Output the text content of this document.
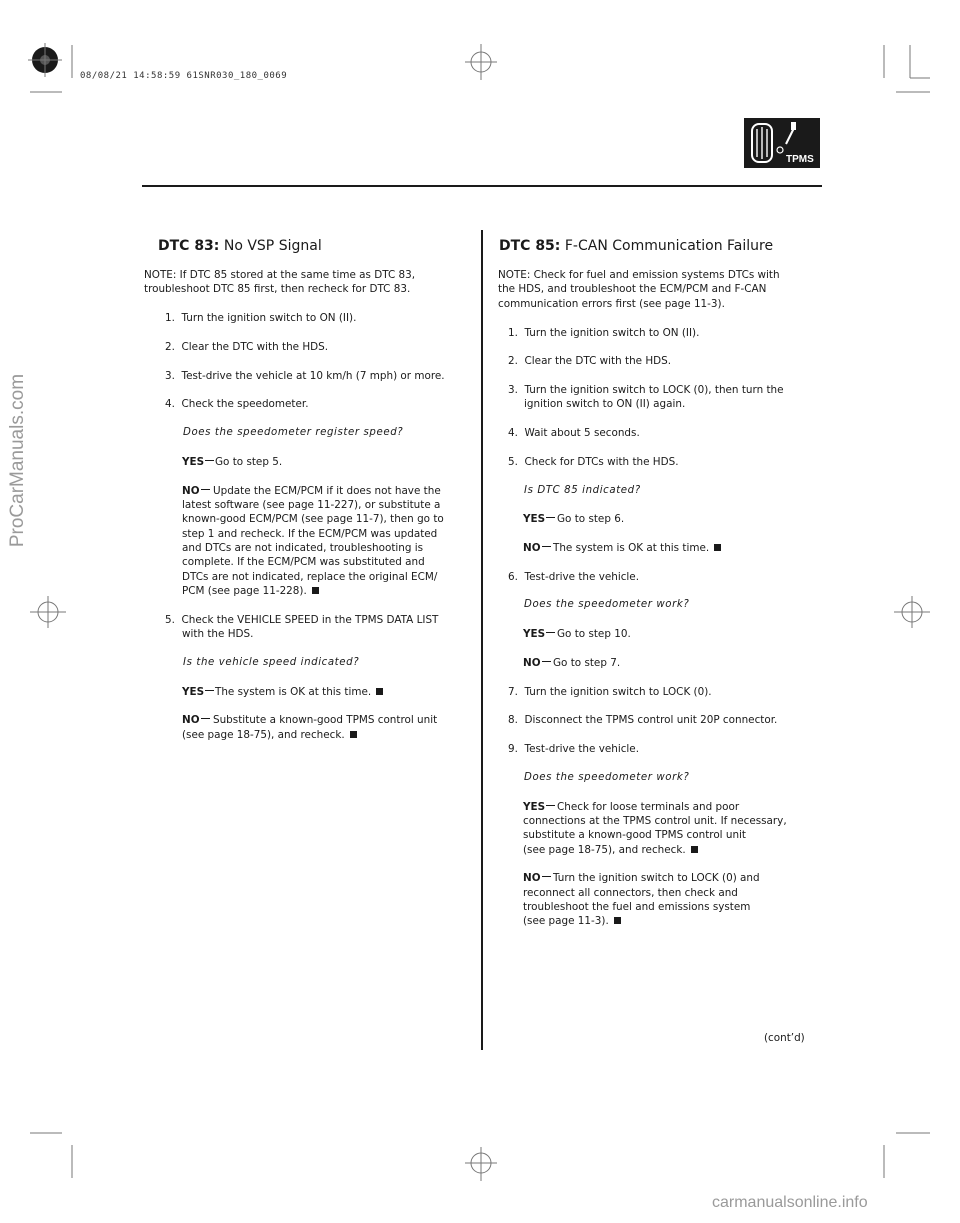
08/08/21 14:58:59 61SNR030_180_0069
TPMS
ProCarManuals.com
carmanualsonline.info
DTC 83: No VSP Signal
NOTE: If DTC 85 stored at the same time as DTC 83,
troubleshoot DTC 85 first, then recheck for DTC 83.
1. Turn the ignition switch to ON (II).
2. Clear the DTC with the HDS.
3. Test-drive the vehicle at 10 km/h (7 mph) or more.
4. Check the speedometer.
Does the speedometer register speed?
YES	Go to step 5.
NO	Update the ECM/PCM if it does not have the
latest software (see page 11-227), or substitute a
known-good ECM/PCM (see page 11-7), then go to
step 1 and recheck. If the ECM/PCM was updated
and DTCs are not indicated, troubleshooting is
complete. If the ECM/PCM was substituted and
DTCs are not indicated, replace the original ECM/
PCM (see page 11-228).
5. Check the VEHICLE SPEED in the TPMS DATA LIST
with the HDS.
Is the vehicle speed indicated?
YES	The system is OK at this time.
NO	Substitute a known-good TPMS control unit
(see page 18-75), and recheck.
DTC 85: F-CAN Communication Failure
NOTE: Check for fuel and emission systems DTCs with
the HDS, and troubleshoot the ECM/PCM and F-CAN
communication errors first (see page 11-3).
1. Turn the ignition switch to ON (II).
2. Clear the DTC with the HDS.
3. Turn the ignition switch to LOCK (0), then turn the
ignition switch to ON (II) again.
4. Wait about 5 seconds.
5. Check for DTCs with the HDS.
Is DTC 85 indicated?
YES	Go to step 6.
NO	The system is OK at this time.
6. Test-drive the vehicle.
Does the speedometer work?
YES	Go to step 10.
NO	Go to step 7.
7. Turn the ignition switch to LOCK (0).
8. Disconnect the TPMS control unit 20P connector.
9. Test-drive the vehicle.
Does the speedometer work?
YES	Check for loose terminals and poor
connections at the TPMS control unit. If necessary,
substitute a known-good TPMS control unit
(see page 18-75), and recheck.
NO	Turn the ignition switch to LOCK (0) and
reconnect all connectors, then check and
troubleshoot the fuel and emissions system
(see page 11-3).
(cont’d)
